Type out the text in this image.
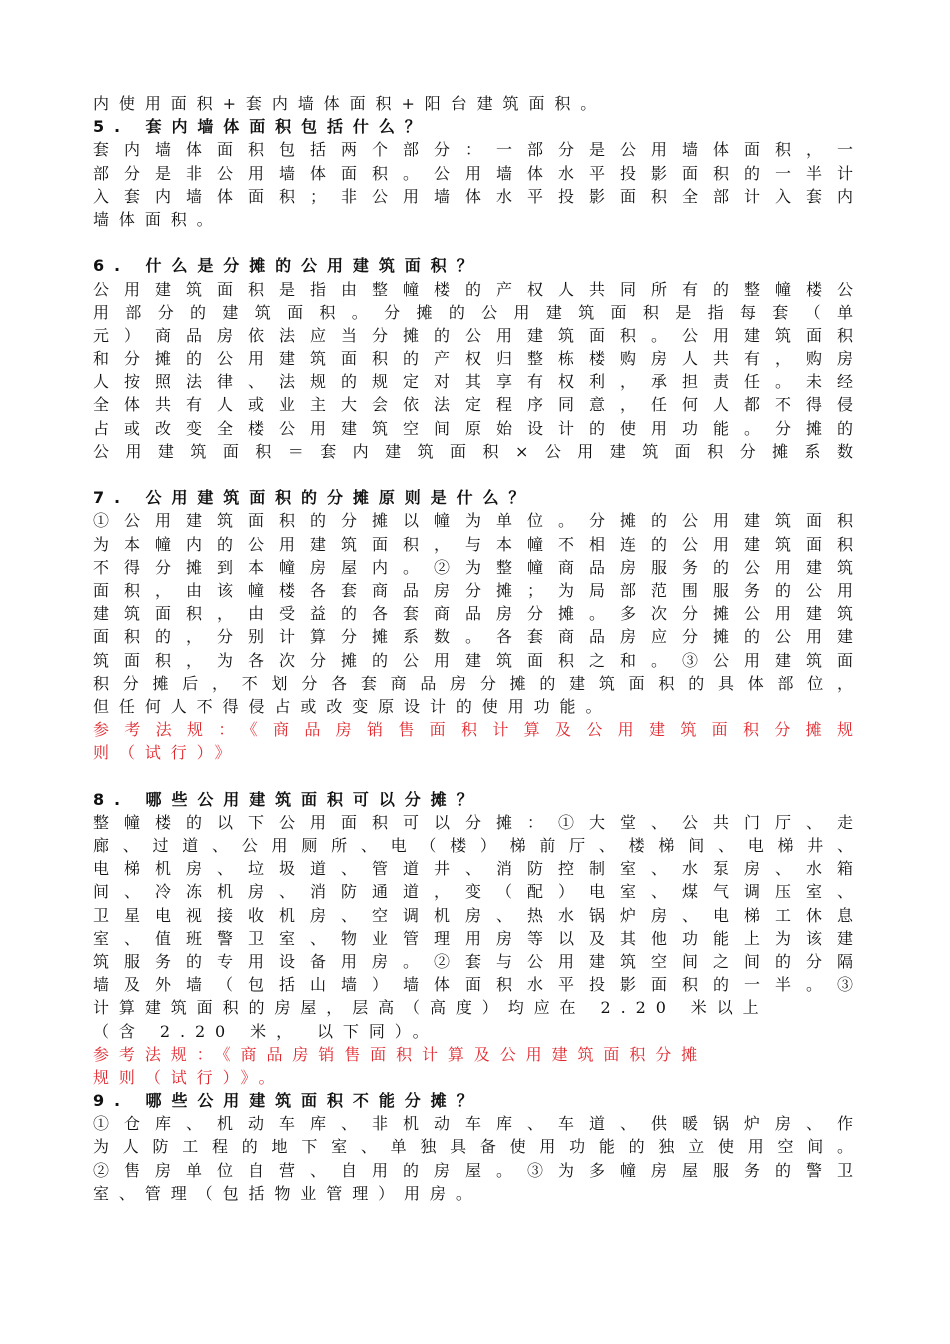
内使用面积+套内墙体面积+阳台建筑面积。
5. 套内墙体面积包括什么？
套内墙体面积包括两个部分：一部分是公用墙体面积，一
部分是非公用墙体面积。公用墙体水平投影面积的一半计
入套内墙体面积；非公用墙体水平投影面积全部计入套内
墙体面积。
6. 什么是分摊的公用建筑面积？
公用建筑面积是指由整幢楼的产权人共同所有的整幢楼公
用部分的建筑面积。分摊的公用建筑面积是指每套（单
元）商品房依法应当分摊的公用建筑面积。公用建筑面积
和分摊的公用建筑面积的产权归整栋楼购房人共有，购房
人按照法律、法规的规定对其享有权利，承担责任。未经
全体共有人或业主大会依法定程序同意，任何人都不得侵
占或改变全楼公用建筑空间原始设计的使用功能。分摊的
公用建筑面积＝套内建筑面积×公用建筑面积分摊系数
7. 公用建筑面积的分摊原则是什么？
①公用建筑面积的分摊以幢为单位。分摊的公用建筑面积
为本幢内的公用建筑面积，与本幢不相连的公用建筑面积
不得分摊到本幢房屋内。②为整幢商品房服务的公用建筑
面积，由该幢楼各套商品房分摊；为局部范围服务的公用
建筑面积，由受益的各套商品房分摊。多次分摊公用建筑
面积的，分别计算分摊系数。各套商品房应分摊的公用建
筑面积，为各次分摊的公用建筑面积之和。③公用建筑面
积分摊后，不划分各套商品房分摊的建筑面积的具体部位，
但任何人不得侵占或改变原设计的使用功能。
参考法规：《商品房销售面积计算及公用建筑面积分摊规
则（试行）》
8. 哪些公用建筑面积可以分摊？
整幢楼的以下公用面积可以分摊：①大堂、公共门厅、走
廊、过道、公用厕所、电（楼）梯前厅、楼梯间、电梯井、
电梯机房、垃圾道、管道井、消防控制室、水泵房、水箱
间、冷冻机房、消防通道，变（配）电室、煤气调压室、
卫星电视接收机房、空调机房、热水锅炉房、电梯工休息
室、值班警卫室、物业管理用房等以及其他功能上为该建
筑服务的专用设备用房。②套与公用建筑空间之间的分隔
墙及外墙（包括山墙）墙体面积水平投影面积的一半。③
计算建筑面积的房屋，层高（高度）均应在 2.20 米以上
（含 2.20 米， 以下同）。
参考法规：《商品房销售面积计算及公用建筑面积分摊
规则（试行）》。
9. 哪些公用建筑面积不能分摊？
①仓库、机动车库、非机动车库、车道、供暖锅炉房、作
为人防工程的地下室、单独具备使用功能的独立使用空间。
②售房单位自营、自用的房屋。③为多幢房屋服务的警卫
室、管理（包括物业管理）用房。
